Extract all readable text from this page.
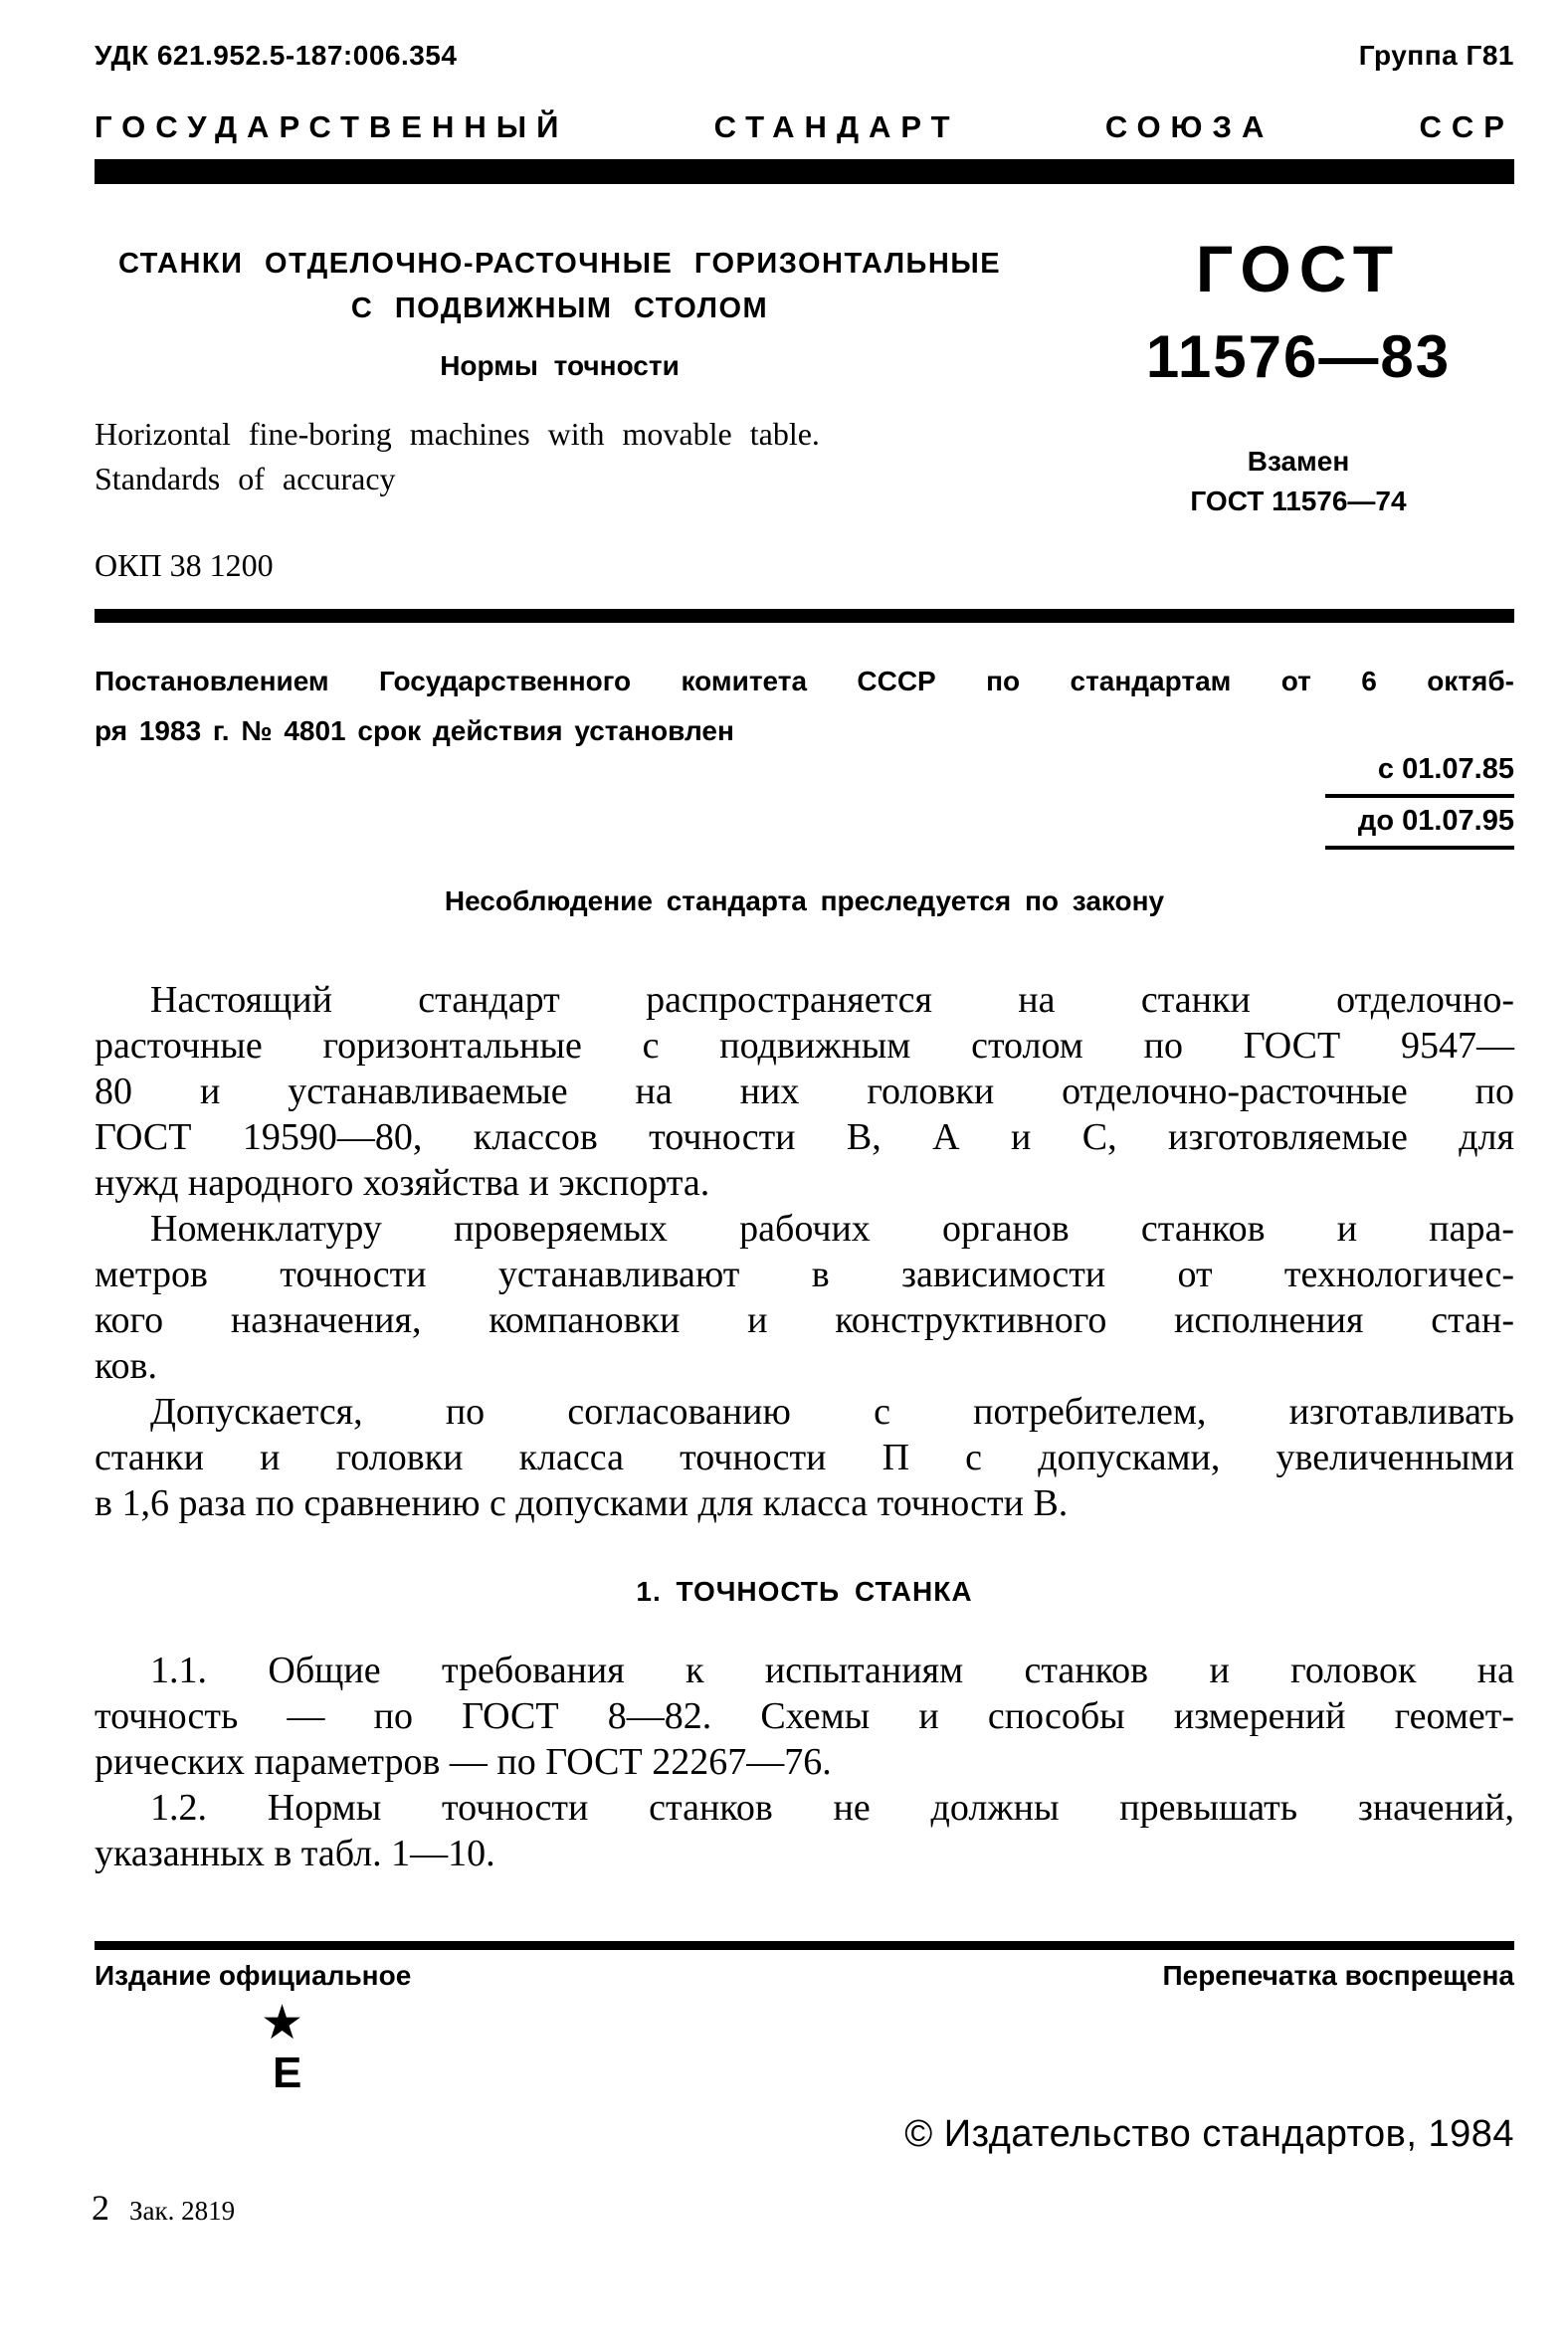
УДК 621.952.5-187:006.354	Группа Г81
ГОСУДАРСТВЕННЫЙ СТАНДАРТ СОЮЗА ССР
СТАНКИ ОТДЕЛОЧНО-РАСТОЧНЫЕ ГОРИЗОНТАЛЬНЫЕ
С ПОДВИЖНЫМ СТОЛОМ
Нормы точности
Horizontal fine-boring machines with movable table.
Standards of accuracy
ОКП 38 1200
ГОСТ
11576—83
Взамен
ГОСТ 11576—74
Постановлением Государственного комитета СССР по стандартам от 6 октяб-
ря 1983 г. № 4801 срок действия установлен
с 01.07.85
до 01.07.95
Несоблюдение стандарта преследуется по закону
Настоящий стандарт распространяется на станки отделочно-
расточные горизонтальные с подвижным столом по ГОСТ 9547—
80 и устанавливаемые на них головки отделочно-расточные по
ГОСТ 19590—80, классов точности В, А и С, изготовляемые для
нужд народного хозяйства и экспорта.
Номенклатуру проверяемых рабочих органов станков и пара-
метров точности устанавливают в зависимости от технологичес-
кого назначения, компановки и конструктивного исполнения стан-
ков.
Допускается, по согласованию с потребителем, изготавливать
станки и головки класса точности П с допусками, увеличенными
в 1,6 раза по сравнению с допусками для класса точности В.
1. ТОЧНОСТЬ СТАНКА
1.1. Общие требования к испытаниям станков и головок на
точность — по ГОСТ 8—82. Схемы и способы измерений геомет-
рических параметров — по ГОСТ 22267—76.
1.2. Нормы точности станков не должны превышать значений,
указанных в табл. 1—10.
Издание официальное	Перепечатка воспрещена
★
Е
© Издательство стандартов, 1984
2 Зак. 2819
